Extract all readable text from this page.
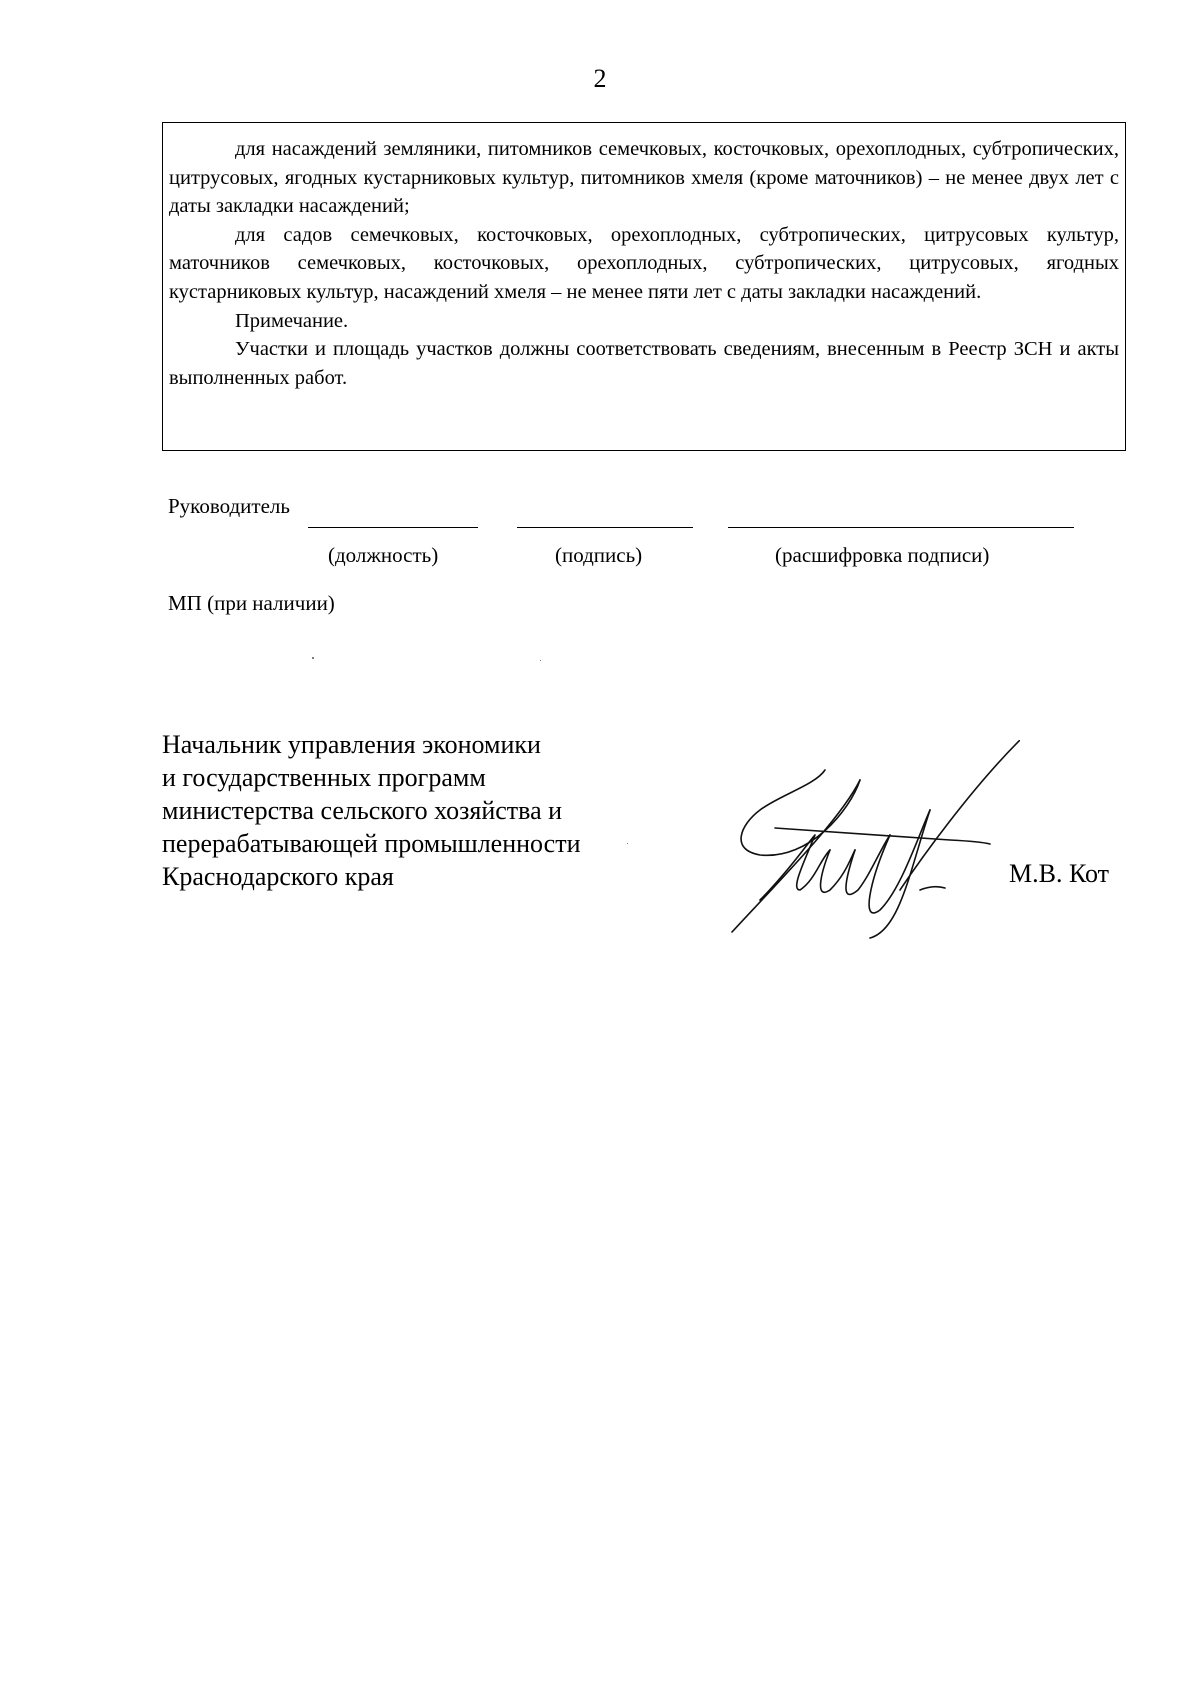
2

для насаждений земляники, питомников семечковых, косточковых, орехоплодных, субтропических, цитрусовых, ягодных кустарниковых культур, питомников хмеля (кроме маточников) – не менее двух лет с даты закладки насаждений;

для садов семечковых, косточковых, орехоплодных, субтропических, цитрусовых культур, маточников семечковых, косточковых, орехоплодных, субтропических, цитрусовых, ягодных кустарниковых культур, насаждений хмеля – не менее пяти лет с даты закладки насаждений.

Примечание.

Участки и площадь участков должны соответствовать сведениям, внесенным в Реестр ЗСН и акты выполненных работ.

Руководитель
(должность)	(подпись)	(расшифровка подписи)
МП (при наличии)
Начальник управления экономики
и государственных программ
министерства сельского хозяйства и
перерабатывающей промышленности
Краснодарского края	М.В. Кот
